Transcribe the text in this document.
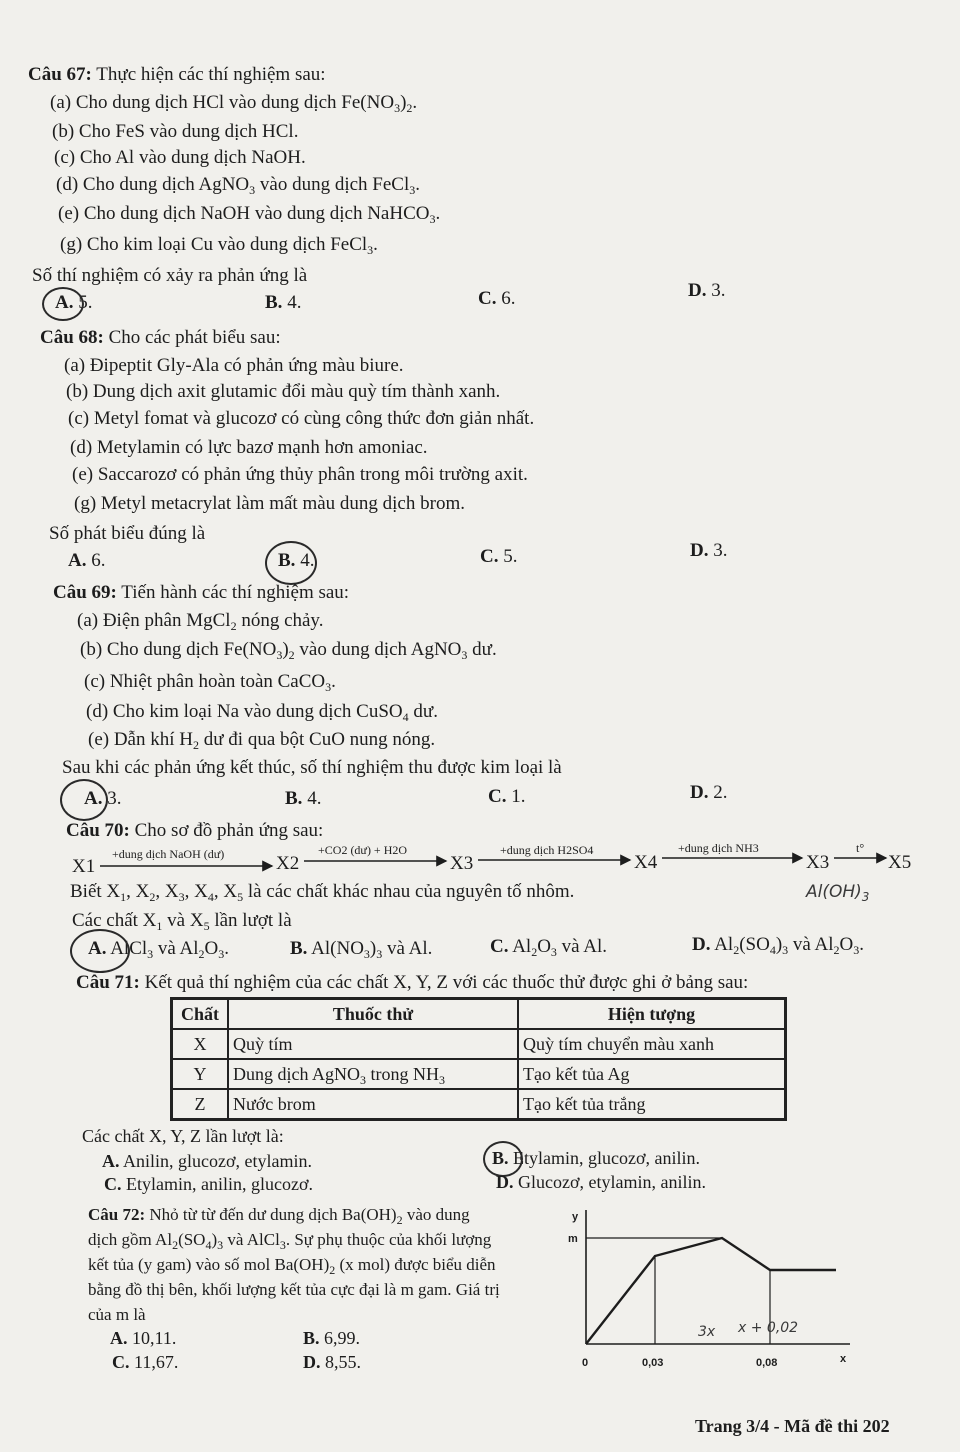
Câu 67: Thực hiện các thí nghiệm sau:
(a) Cho dung dịch HCl vào dung dịch $Fe(NO_3)_2$.
(b) Cho FeS vào dung dịch HCl.
(c) Cho Al vào dung dịch NaOH.
(d) Cho dung dịch AgNO$_3$ vào dung dịch FeCl$_3$.
(e) Cho dung dịch NaOH vào dung dịch NaHCO$_3$.
(g) Cho kim loại Cu vào dung dịch FeCl$_3$.
Số thí nghiệm có xảy ra phản ứng là
A. 5.	B. 4.	C. 6.	D. 3.
Câu 68: Cho các phát biểu sau:
(a) Đipeptit Gly-Ala có phản ứng màu biure.
(b) Dung dịch axit glutamic đổi màu quỳ tím thành xanh.
(c) Metyl fomat và glucozơ có cùng công thức đơn giản nhất.
(d) Metylamin có lực bazơ mạnh hơn amoniac.
(e) Saccarozơ có phản ứng thủy phân trong môi trường axit.
(g) Metyl metacrylat làm mất màu dung dịch brom.
Số phát biểu đúng là
A. 6.	B. 4.	C. 5.	D. 3.
Câu 69: Tiến hành các thí nghiệm sau:
(a) Điện phân MgCl$_2$ nóng chảy.
(b) Cho dung dịch $Fe(NO_3)_2$ vào dung dịch AgNO$_3$ dư.
(c) Nhiệt phân hoàn toàn CaCO$_3$.
(d) Cho kim loại Na vào dung dịch CuSO$_4$ dư.
(e) Dẫn khí $H_2$ dư đi qua bột CuO nung nóng.
Sau khi các phản ứng kết thúc, số thí nghiệm thu được kim loại là
A. 3.	B. 4.	C. 1.	D. 2.
Câu 70: Cho sơ đồ phản ứng sau:
X1
+dung dịch NaOH (dư)	X2
+CO2 (dư) + H2O
X3
+dung dịch H2SO4
X4
+dung dịch NH3
X3
t°
X5
Biết $X_1$, $X_2$, $X_3$, $X_4$, $X_5$ là các chất khác nhau của nguyên tố nhôm.	$Al(OH)_3$
Các chất $X_1$ và $X_5$ lần lượt là
A. AlCl$_3$ và $Al_2O_3$.	B. $Al(NO_3)_3$ và Al.	C. $Al_2O_3$ và Al.	D. $Al_2(SO_4)_3$ và $Al_2O_3$.
Câu 71: Kết quả thí nghiệm của các chất X, Y, Z với các thuốc thử được ghi ở bảng sau:
Chất	Thuốc thử	Hiện tượng
X	Quỳ tím	Quỳ tím chuyển màu xanh
Y	Dung dịch AgNO$_3$ trong $NH_3$	Tạo kết tủa Ag
Z	Nước brom	Tạo kết tủa trắng
Các chất X, Y, Z lần lượt là:
A. Anilin, glucozơ, etylamin.	B. Etylamin, glucozơ, anilin.
C. Etylamin, anilin, glucozơ.	D. Glucozơ, etylamin, anilin.
Câu 72: Nhỏ từ từ đến dư dung dịch $Ba(OH)_2$ vào dung
dịch gồm $Al_2(SO_4)_3$ và AlCl$_3$. Sự phụ thuộc của khối lượng
kết tủa (y gam) vào số mol $Ba(OH)_2$ (x mol) được biểu diễn
bằng đồ thị bên, khối lượng kết tủa cực đại là m gam. Giá trị
của m là
A. 10,11.	B. 6,99.
C. 11,67.	D. 8,55.
y
m
0	0,03	0,08	x
3x x + 0,02
Trang 3/4 - Mã đề thi 202
